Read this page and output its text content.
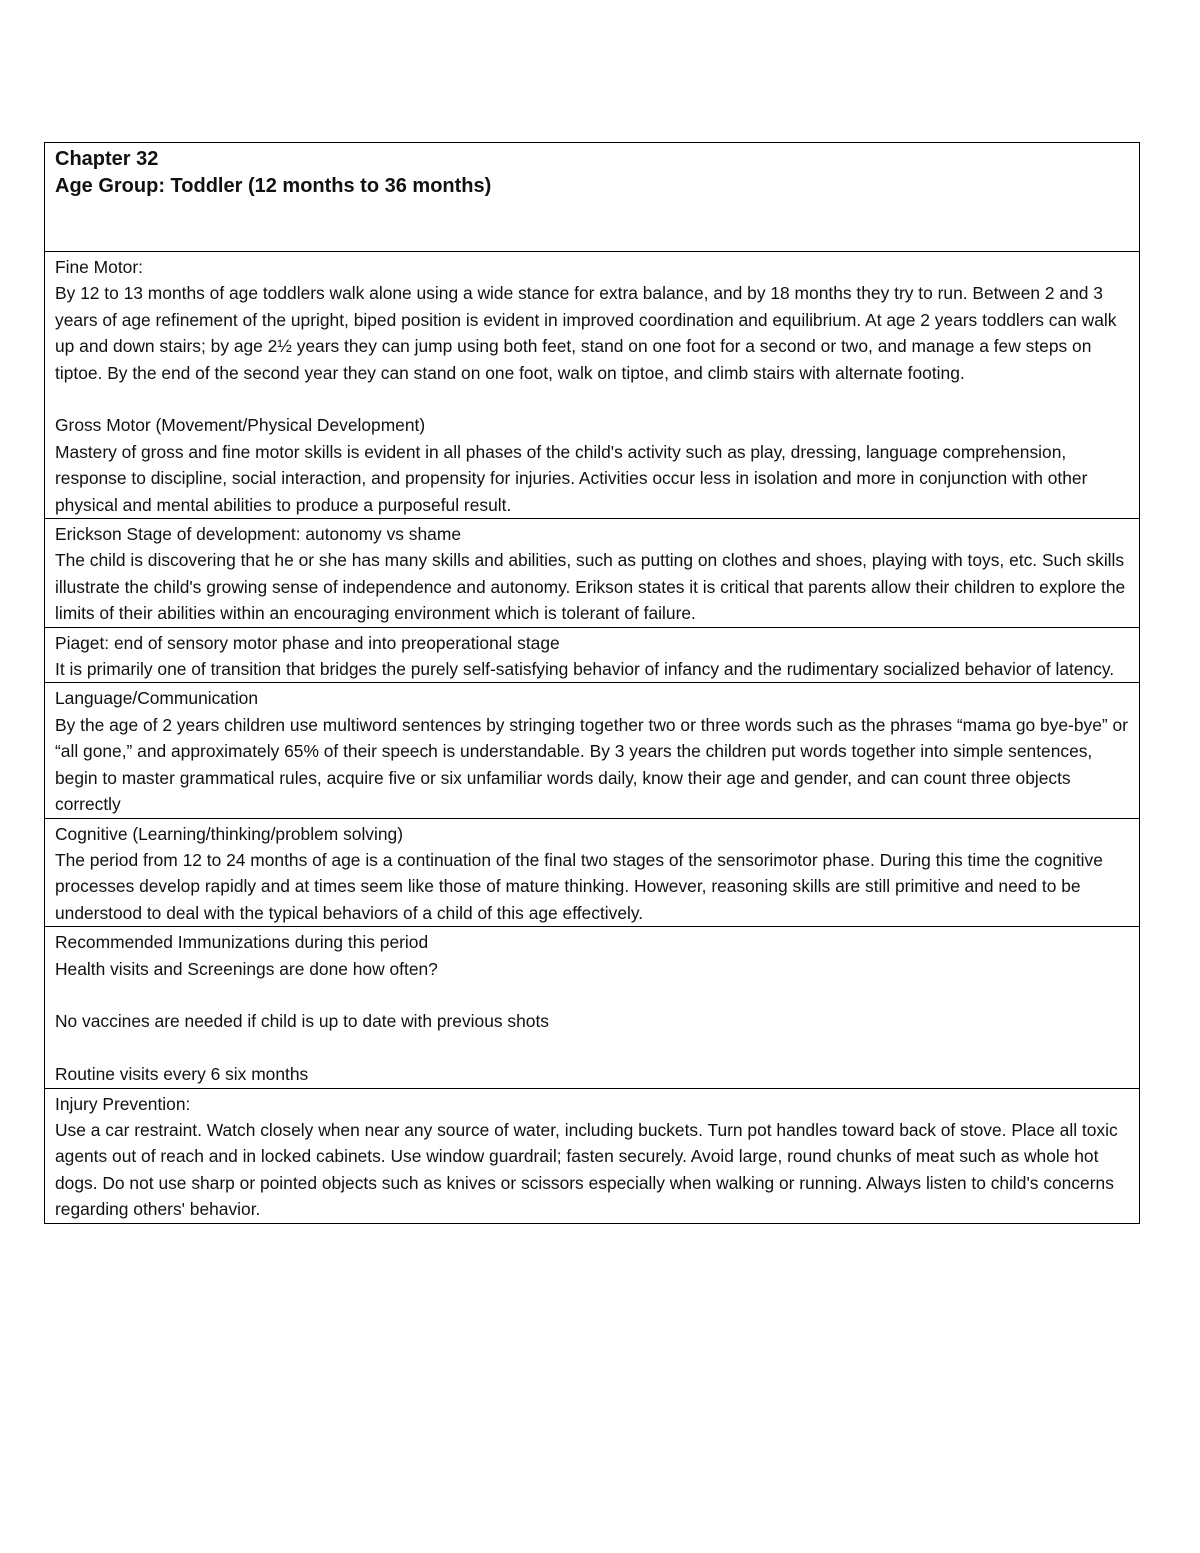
Chapter 32
Age Group: Toddler (12 months to 36 months)

Fine Motor:
By 12 to 13 months of age toddlers walk alone using a wide stance for extra balance, and by 18 months they try to run. Between 2 and 3 years of age refinement of the upright, biped position is evident in improved coordination and equilibrium. At age 2 years toddlers can walk up and down stairs; by age 2½ years they can jump using both feet, stand on one foot for a second or two, and manage a few steps on tiptoe. By the end of the second year they can stand on one foot, walk on tiptoe, and climb stairs with alternate footing.
Gross Motor (Movement/Physical Development)
Mastery of gross and fine motor skills is evident in all phases of the child's activity such as play, dressing, language comprehension, response to discipline, social interaction, and propensity for injuries. Activities occur less in isolation and more in conjunction with other physical and mental abilities to produce a purposeful result.

Erickson Stage of development: autonomy vs shame
The child is discovering that he or she has many skills and abilities, such as putting on clothes and shoes, playing with toys, etc. Such skills illustrate the child's growing sense of independence and autonomy. Erikson states it is critical that parents allow their children to explore the limits of their abilities within an encouraging environment which is tolerant of failure.

Piaget: end of sensory motor phase and into preoperational stage
It is primarily one of transition that bridges the purely self-satisfying behavior of infancy and the rudimentary socialized behavior of latency.

Language/Communication
By the age of 2 years children use multiword sentences by stringing together two or three words such as the phrases “mama go bye-bye” or “all gone,” and approximately 65% of their speech is understandable. By 3 years the children put words together into simple sentences, begin to master grammatical rules, acquire five or six unfamiliar words daily, know their age and gender, and can count three objects correctly

Cognitive (Learning/thinking/problem solving)
The period from 12 to 24 months of age is a continuation of the final two stages of the sensorimotor phase. During this time the cognitive processes develop rapidly and at times seem like those of mature thinking. However, reasoning skills are still primitive and need to be understood to deal with the typical behaviors of a child of this age effectively.

Recommended Immunizations during this period
Health visits and Screenings are done how often?
No vaccines are needed if child is up to date with previous shots
Routine visits every 6 six months

Injury Prevention:
Use a car restraint. Watch closely when near any source of water, including buckets. Turn pot handles toward back of stove. Place all toxic agents out of reach and in locked cabinets. Use window guardrail; fasten securely. Avoid large, round chunks of meat such as whole hot dogs. Do not use sharp or pointed objects such as knives or scissors especially when walking or running. Always listen to child's concerns regarding others' behavior.
